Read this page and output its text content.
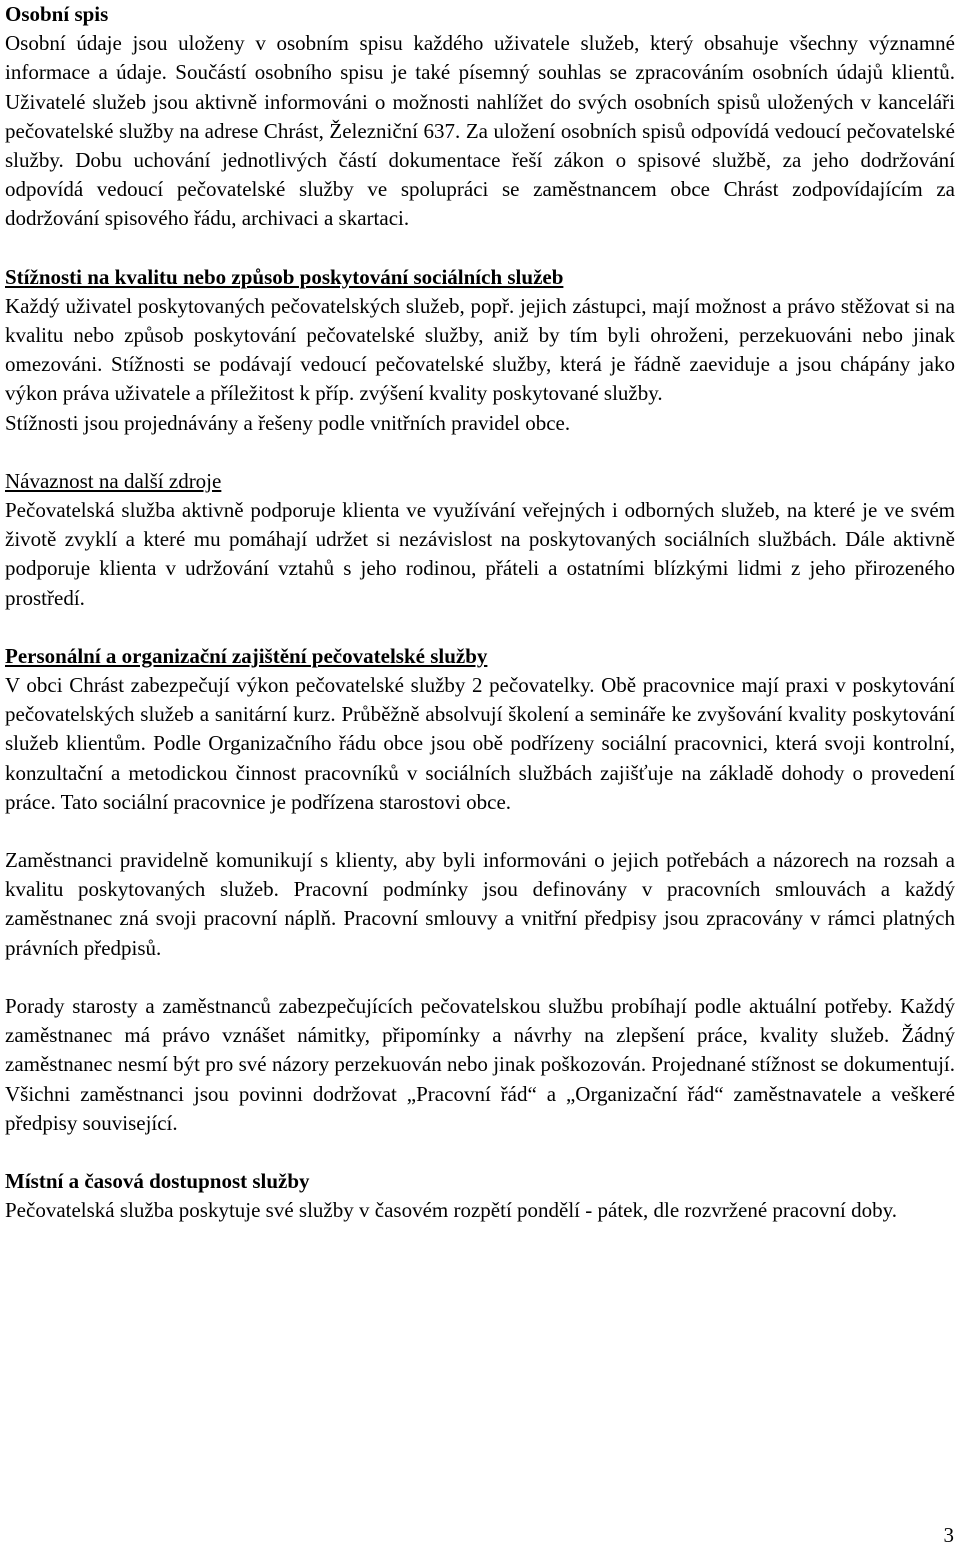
Osobní spis

Osobní údaje jsou uloženy v osobním spisu každého uživatele služeb, který obsahuje všechny významné informace a údaje. Součástí osobního spisu je také písemný souhlas se zpracováním osobních údajů klientů. Uživatelé služeb jsou aktivně informováni o možnosti nahlížet do svých osobních spisů uložených v kanceláři pečovatelské služby na adrese Chrást, Železniční 637. Za uložení osobních spisů odpovídá vedoucí pečovatelské služby. Dobu uchování jednotlivých částí dokumentace řeší zákon o spisové službě, za jeho dodržování odpovídá vedoucí pečovatelské služby ve spolupráci se zaměstnancem obce Chrást zodpovídajícím za dodržování spisového řádu, archivaci a skartaci.

Stížnosti na kvalitu nebo způsob poskytování sociálních služeb

Každý uživatel poskytovaných pečovatelských služeb, popř. jejich zástupci, mají možnost a právo stěžovat si na kvalitu nebo způsob poskytování pečovatelské služby, aniž by tím byli ohroženi, perzekuováni nebo jinak omezováni. Stížnosti se podávají vedoucí pečovatelské služby, která je řádně zaeviduje a jsou chápány jako výkon práva uživatele a příležitost k příp. zvýšení kvality poskytované služby.

Stížnosti jsou projednávány a řešeny podle vnitřních pravidel obce.

Návaznost na další zdroje

Pečovatelská služba aktivně podporuje klienta ve využívání veřejných i odborných služeb, na které je ve svém životě zvyklí a které mu pomáhají udržet si nezávislost na poskytovaných sociálních službách. Dále aktivně podporuje klienta v udržování vztahů s jeho rodinou, přáteli a ostatními blízkými lidmi z jeho přirozeného prostředí.

Personální a organizační zajištění pečovatelské služby

V obci Chrást zabezpečují výkon pečovatelské služby 2 pečovatelky. Obě pracovnice mají praxi v poskytování pečovatelských služeb a sanitární kurz. Průběžně absolvují školení a semináře ke zvyšování kvality poskytování služeb klientům. Podle Organizačního řádu obce jsou obě podřízeny sociální pracovnici, která svoji kontrolní, konzultační a metodickou činnost pracovníků v sociálních službách zajišťuje na základě dohody o provedení práce. Tato sociální pracovnice je podřízena starostovi obce.

Zaměstnanci pravidelně komunikují s klienty, aby byli informováni o jejich potřebách a názorech na rozsah a kvalitu poskytovaných služeb. Pracovní podmínky jsou definovány v pracovních smlouvách a každý zaměstnanec zná svoji pracovní náplň. Pracovní smlouvy a vnitřní předpisy jsou zpracovány v rámci platných právních předpisů.

Porady starosty a zaměstnanců zabezpečujících pečovatelskou službu probíhají podle aktuální potřeby. Každý zaměstnanec má právo vznášet námitky, připomínky a návrhy na zlepšení práce, kvality služeb. Žádný zaměstnanec nesmí být pro své názory perzekuován nebo jinak poškozován. Projednané stížnost se dokumentují. Všichni zaměstnanci jsou povinni dodržovat „Pracovní řád“ a „Organizační řád“ zaměstnavatele a veškeré předpisy související.

Místní a časová dostupnost služby

Pečovatelská služba poskytuje své služby v časovém rozpětí pondělí - pátek, dle rozvržené pracovní doby.

3
